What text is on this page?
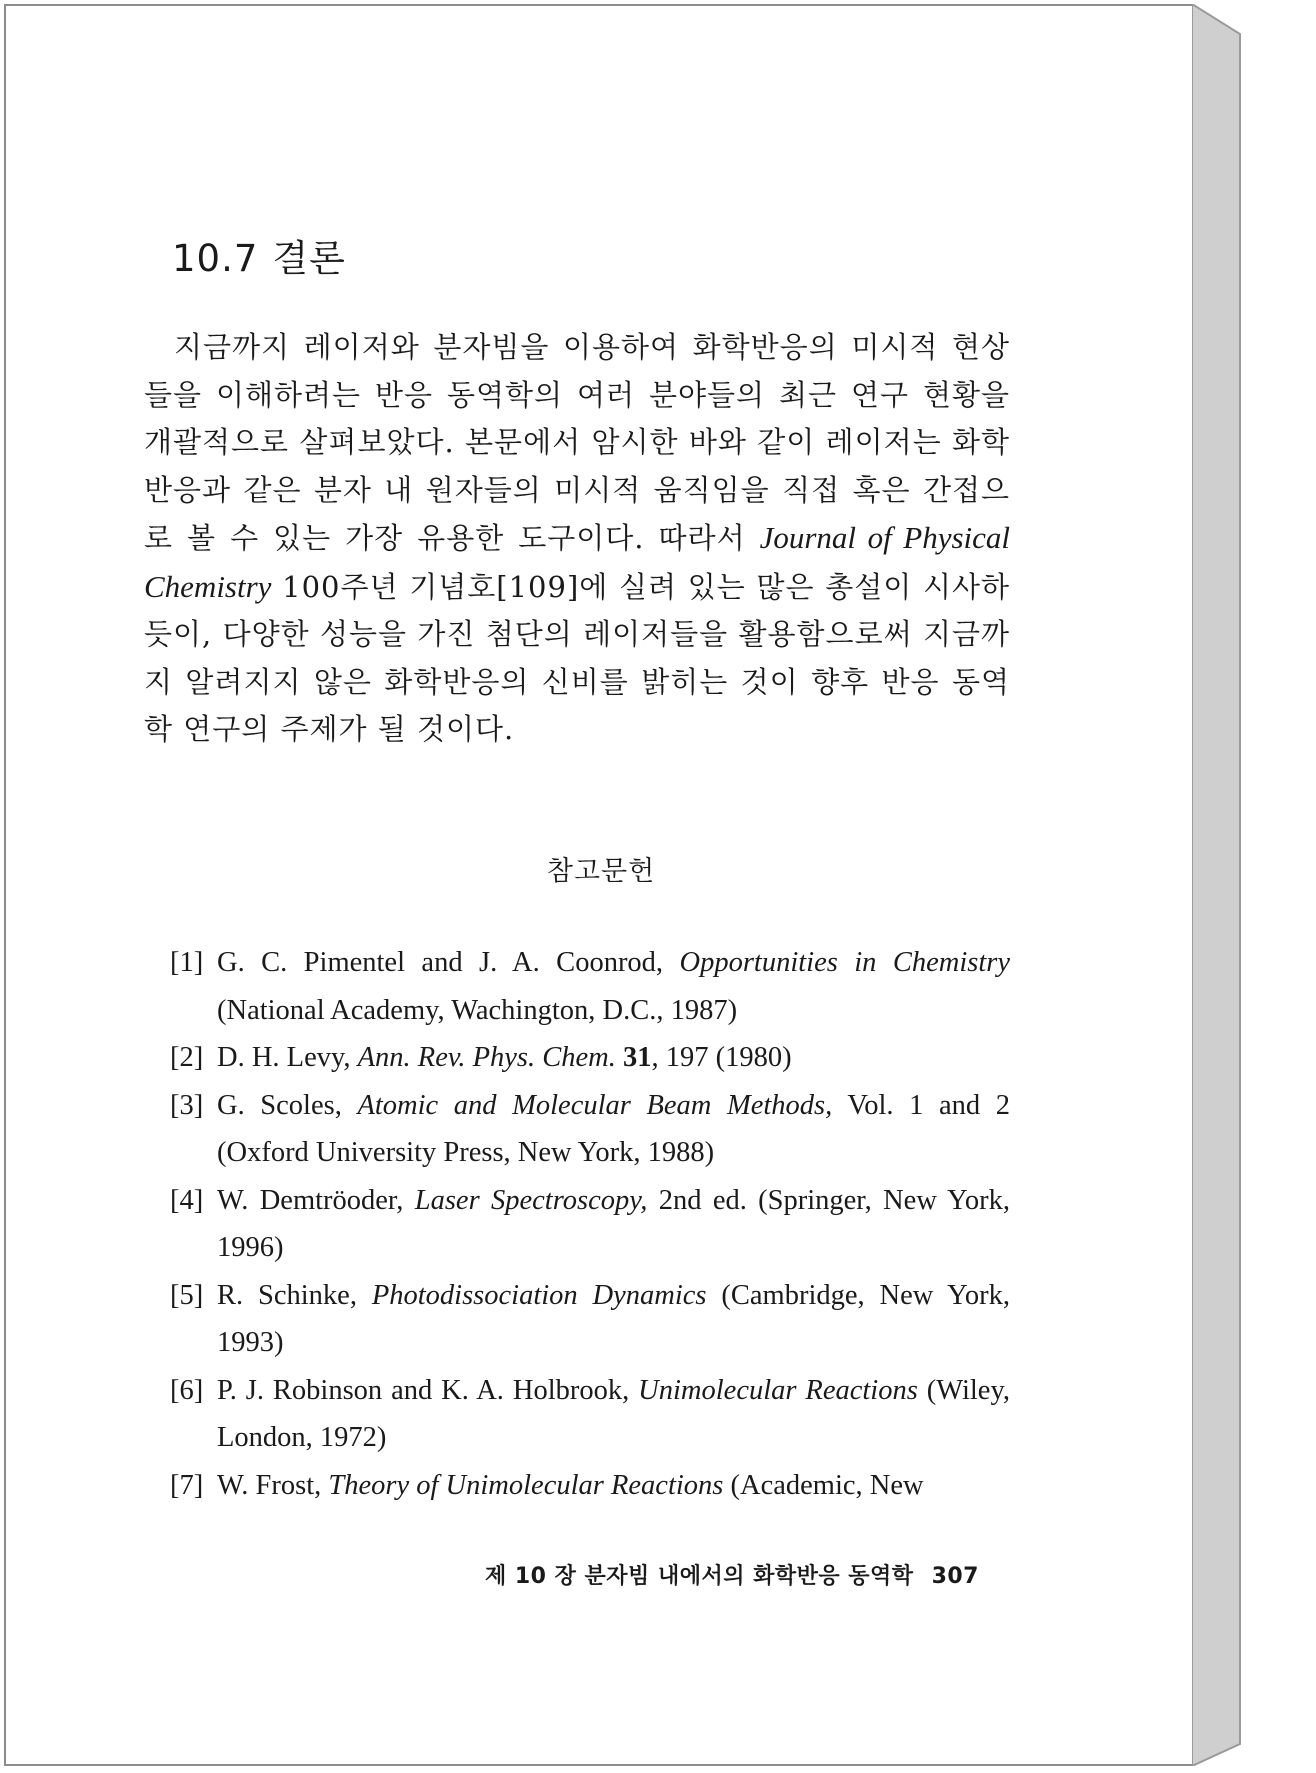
10.7 결론

지금까지 레이저와 분자빔을 이용하여 화학반응의 미시적 현상들을 이해하려는 반응 동역학의 여러 분야들의 최근 연구 현황을 개괄적으로 살펴보았다. 본문에서 암시한 바와 같이 레이저는 화학반응과 같은 분자 내 원자들의 미시적 움직임을 직접 혹은 간접으로 볼 수 있는 가장 유용한 도구이다. 따라서 Journal of Physical Chemistry 100주년 기념호[109]에 실려 있는 많은 총설이 시사하듯이, 다양한 성능을 가진 첨단의 레이저들을 활용함으로써 지금까지 알려지지 않은 화학반응의 신비를 밝히는 것이 향후 반응 동역학 연구의 주제가 될 것이다.

참고문헌
[1] G. C. Pimentel and J. A. Coonrod, Opportunities in Chemistry (National Academy, Wachington, D.C., 1987)
[2] D. H. Levy, Ann. Rev. Phys. Chem. 31, 197 (1980)
[3] G. Scoles, Atomic and Molecular Beam Methods, Vol. 1 and 2 (Oxford University Press, New York, 1988)
[4] W. Demtröoder, Laser Spectroscopy, 2nd ed. (Springer, New York, 1996)
[5] R. Schinke, Photodissociation Dynamics (Cambridge, New York, 1993)
[6] P. J. Robinson and K. A. Holbrook, Unimolecular Reactions (Wiley, London, 1972)
[7] W. Frost, Theory of Unimolecular Reactions (Academic, New
제 10 장 분자빔 내에서의 화학반응 동역학 307
